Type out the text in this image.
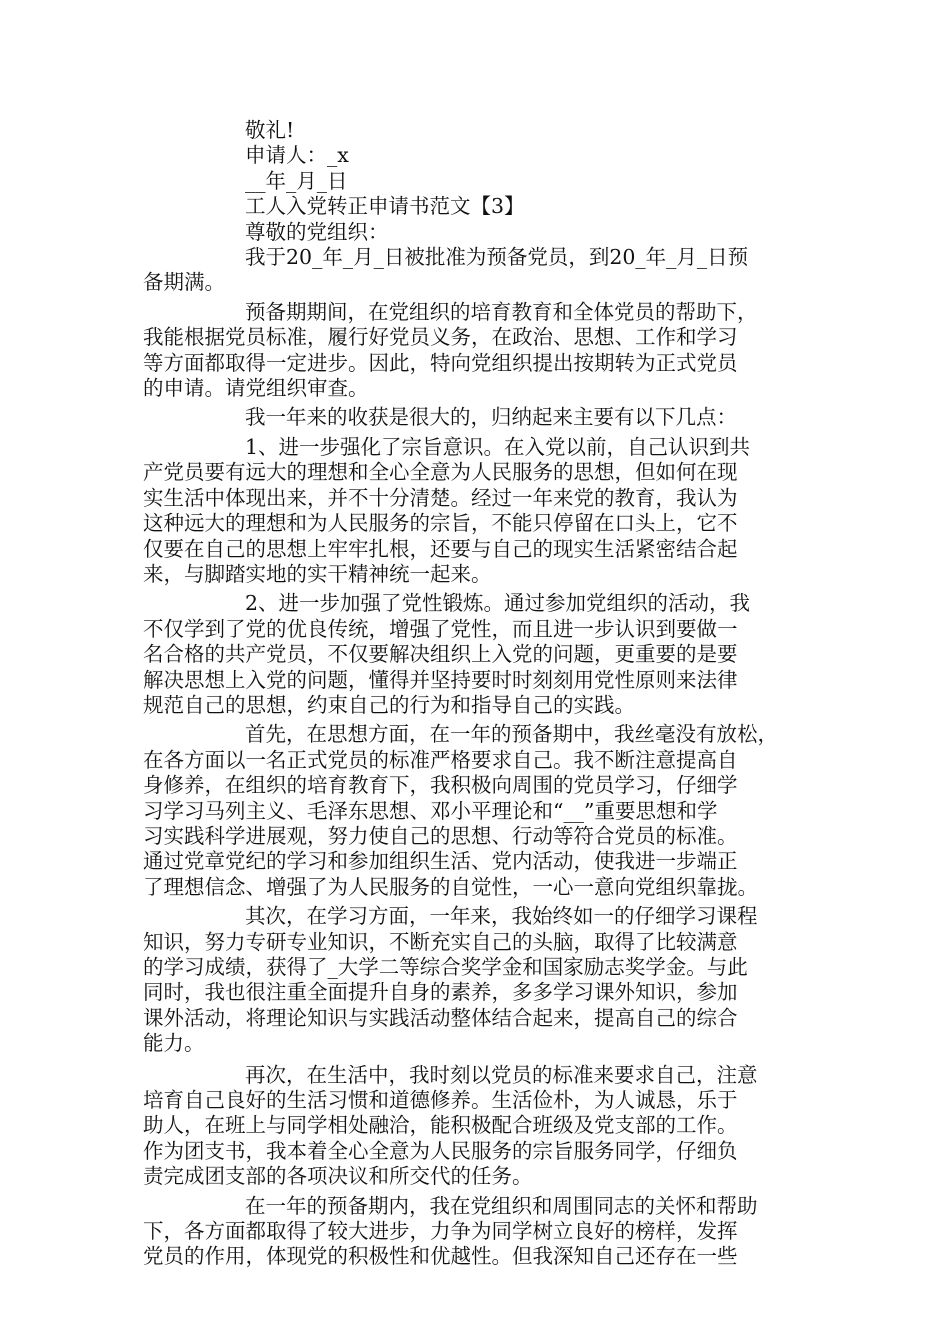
敬礼!
申请人：_x
__年_月_日
工人入党转正申请书范文【3】
尊敬的党组织：
我于20_年_月_日被批准为预备党员，到20_年_月_日预
备期满。
预备期期间，在党组织的培育教育和全体党员的帮助下，
我能根据党员标准，履行好党员义务，在政治、思想、工作和学习
等方面都取得一定进步。因此，特向党组织提出按期转为正式党员
的申请。请党组织审查。
我一年来的收获是很大的，归纳起来主要有以下几点：
1、进一步强化了宗旨意识。在入党以前，自己认识到共
产党员要有远大的理想和全心全意为人民服务的思想，但如何在现
实生活中体现出来，并不十分清楚。经过一年来党的教育，我认为
这种远大的理想和为人民服务的宗旨，不能只停留在口头上，它不
仅要在自己的思想上牢牢扎根，还要与自己的现实生活紧密结合起
来，与脚踏实地的实干精神统一起来。
2、进一步加强了党性锻炼。通过参加党组织的活动，我
不仅学到了党的优良传统，增强了党性，而且进一步认识到要做一
名合格的共产党员，不仅要解决组织上入党的问题，更重要的是要
解决思想上入党的问题，懂得并坚持要时时刻刻用党性原则来法律
规范自己的思想，约束自己的行为和指导自己的实践。
首先，在思想方面，在一年的预备期中，我丝毫没有放松，
在各方面以一名正式党员的标准严格要求自己。我不断注意提高自
身修养，在组织的培育教育下，我积极向周围的党员学习，仔细学
习学习马列主义、毛泽东思想、邓小平理论和“__”重要思想和学
习实践科学进展观，努力使自己的思想、行动等符合党员的标准。
通过党章党纪的学习和参加组织生活、党内活动，使我进一步端正
了理想信念、增强了为人民服务的自觉性，一心一意向党组织靠拢。
其次，在学习方面，一年来，我始终如一的仔细学习课程
知识，努力专研专业知识，不断充实自己的头脑，取得了比较满意
的学习成绩，获得了_大学二等综合奖学金和国家励志奖学金。与此
同时，我也很注重全面提升自身的素养，多多学习课外知识，参加
课外活动，将理论知识与实践活动整体结合起来，提高自己的综合
能力。
再次，在生活中，我时刻以党员的标准来要求自己，注意
培育自己良好的生活习惯和道德修养。生活俭朴，为人诚恳，乐于
助人，在班上与同学相处融洽，能积极配合班级及党支部的工作。
作为团支书，我本着全心全意为人民服务的宗旨服务同学，仔细负
责完成团支部的各项决议和所交代的任务。
在一年的预备期内，我在党组织和周围同志的关怀和帮助
下，各方面都取得了较大进步，力争为同学树立良好的榜样，发挥
党员的作用，体现党的积极性和优越性。但我深知自己还存在一些
